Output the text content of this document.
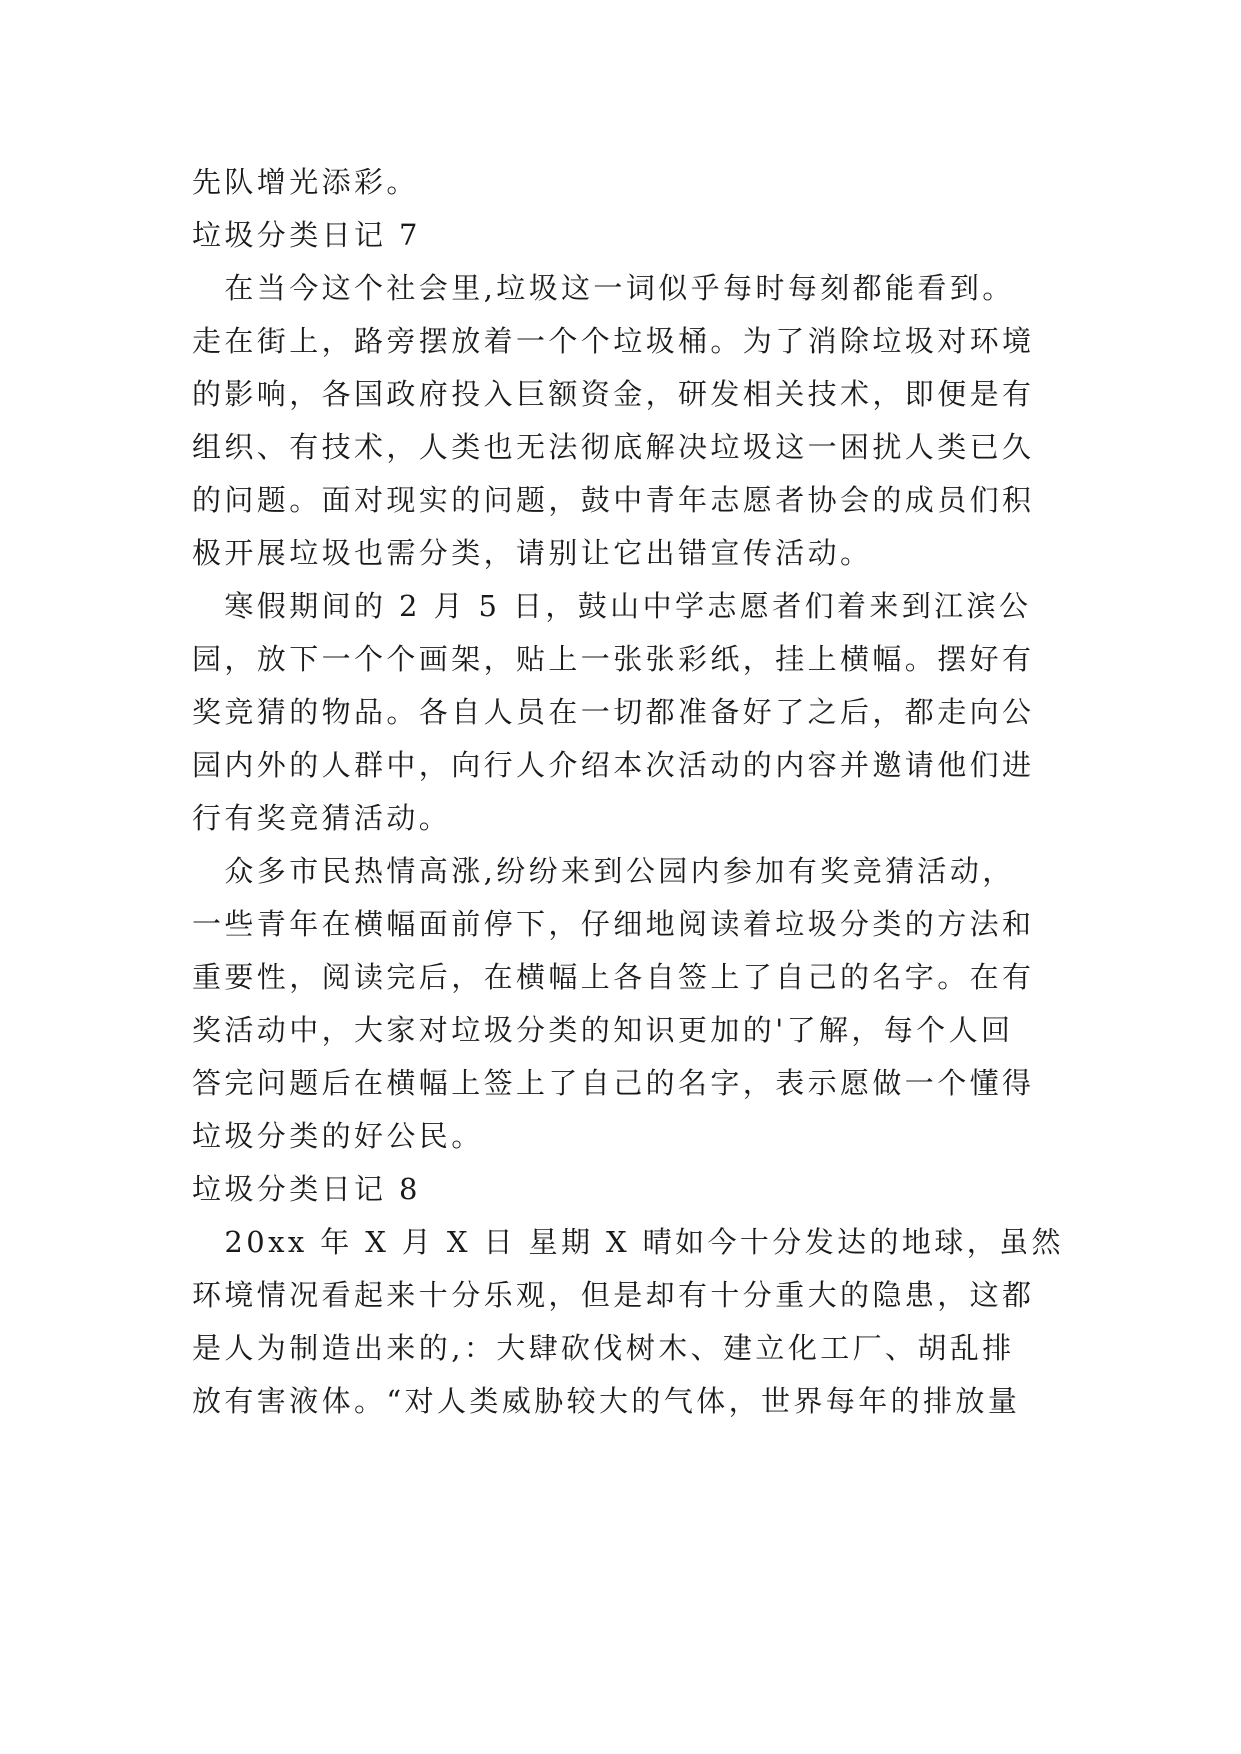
先队增光添彩。
垃圾分类日记 7
　在当今这个社会里,垃圾这一词似乎每时每刻都能看到。
走在街上，路旁摆放着一个个垃圾桶。为了消除垃圾对环境
的影响，各国政府投入巨额资金，研发相关技术，即便是有
组织、有技术，人类也无法彻底解决垃圾这一困扰人类已久
的问题。面对现实的问题，鼓中青年志愿者协会的成员们积
极开展垃圾也需分类，请别让它出错宣传活动。
　寒假期间的 2 月 5 日，鼓山中学志愿者们着来到江滨公
园，放下一个个画架，贴上一张张彩纸，挂上横幅。摆好有
奖竞猜的物品。各自人员在一切都准备好了之后，都走向公
园内外的人群中，向行人介绍本次活动的内容并邀请他们进
行有奖竞猜活动。
　众多市民热情高涨,纷纷来到公园内参加有奖竞猜活动，
一些青年在横幅面前停下，仔细地阅读着垃圾分类的方法和
重要性，阅读完后，在横幅上各自签上了自己的名字。在有
奖活动中，大家对垃圾分类的知识更加的'了解，每个人回
答完问题后在横幅上签上了自己的名字，表示愿做一个懂得
垃圾分类的好公民。
垃圾分类日记 8
　20xx 年 X 月 X 日 星期 X 晴如今十分发达的地球，虽然
环境情况看起来十分乐观，但是却有十分重大的隐患，这都
是人为制造出来的,：大肆砍伐树木、建立化工厂、胡乱排
放有害液体。“对人类威胁较大的气体，世界每年的排放量
